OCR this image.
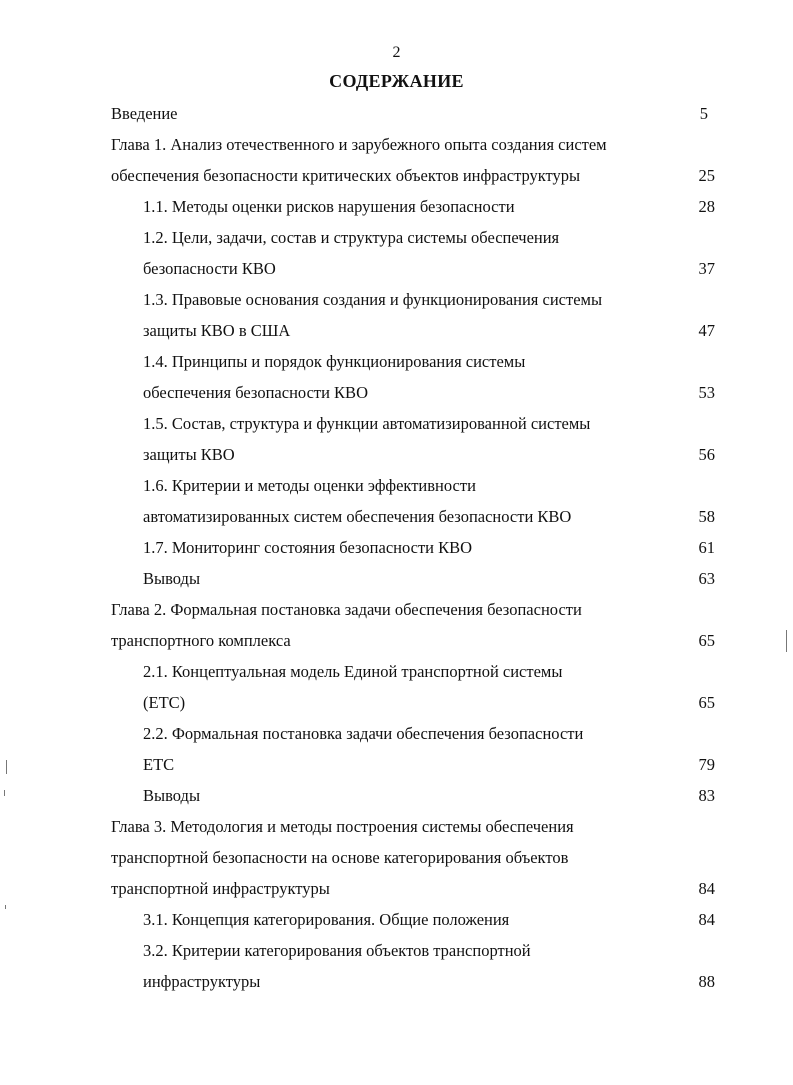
2
СОДЕРЖАНИЕ
Введение	5
Глава 1. Анализ отечественного и зарубежного опыта создания систем
обеспечения безопасности критических объектов инфраструктуры	25
1.1. Методы оценки рисков нарушения безопасности	28
1.2. Цели, задачи, состав и структура системы обеспечения
безопасности КВО	37
1.3. Правовые основания создания и функционирования системы
защиты КВО в США	47
1.4. Принципы и порядок функционирования системы
обеспечения безопасности КВО	53
1.5. Состав, структура и функции автоматизированной системы
защиты КВО	56
1.6. Критерии и методы оценки эффективности
автоматизированных систем обеспечения безопасности КВО	58
1.7. Мониторинг состояния безопасности КВО	61
Выводы	63
Глава 2. Формальная постановка задачи обеспечения безопасности
транспортного комплекса	65
2.1. Концептуальная модель Единой транспортной системы
(ЕТС)	65
2.2. Формальная постановка задачи обеспечения безопасности
ЕТС	79
Выводы	83
Глава 3. Методология и методы построения системы обеспечения
транспортной безопасности на основе категорирования объектов
транспортной инфраструктуры	84
3.1. Концепция категорирования. Общие положения	84
3.2. Критерии категорирования объектов транспортной
инфраструктуры	88
